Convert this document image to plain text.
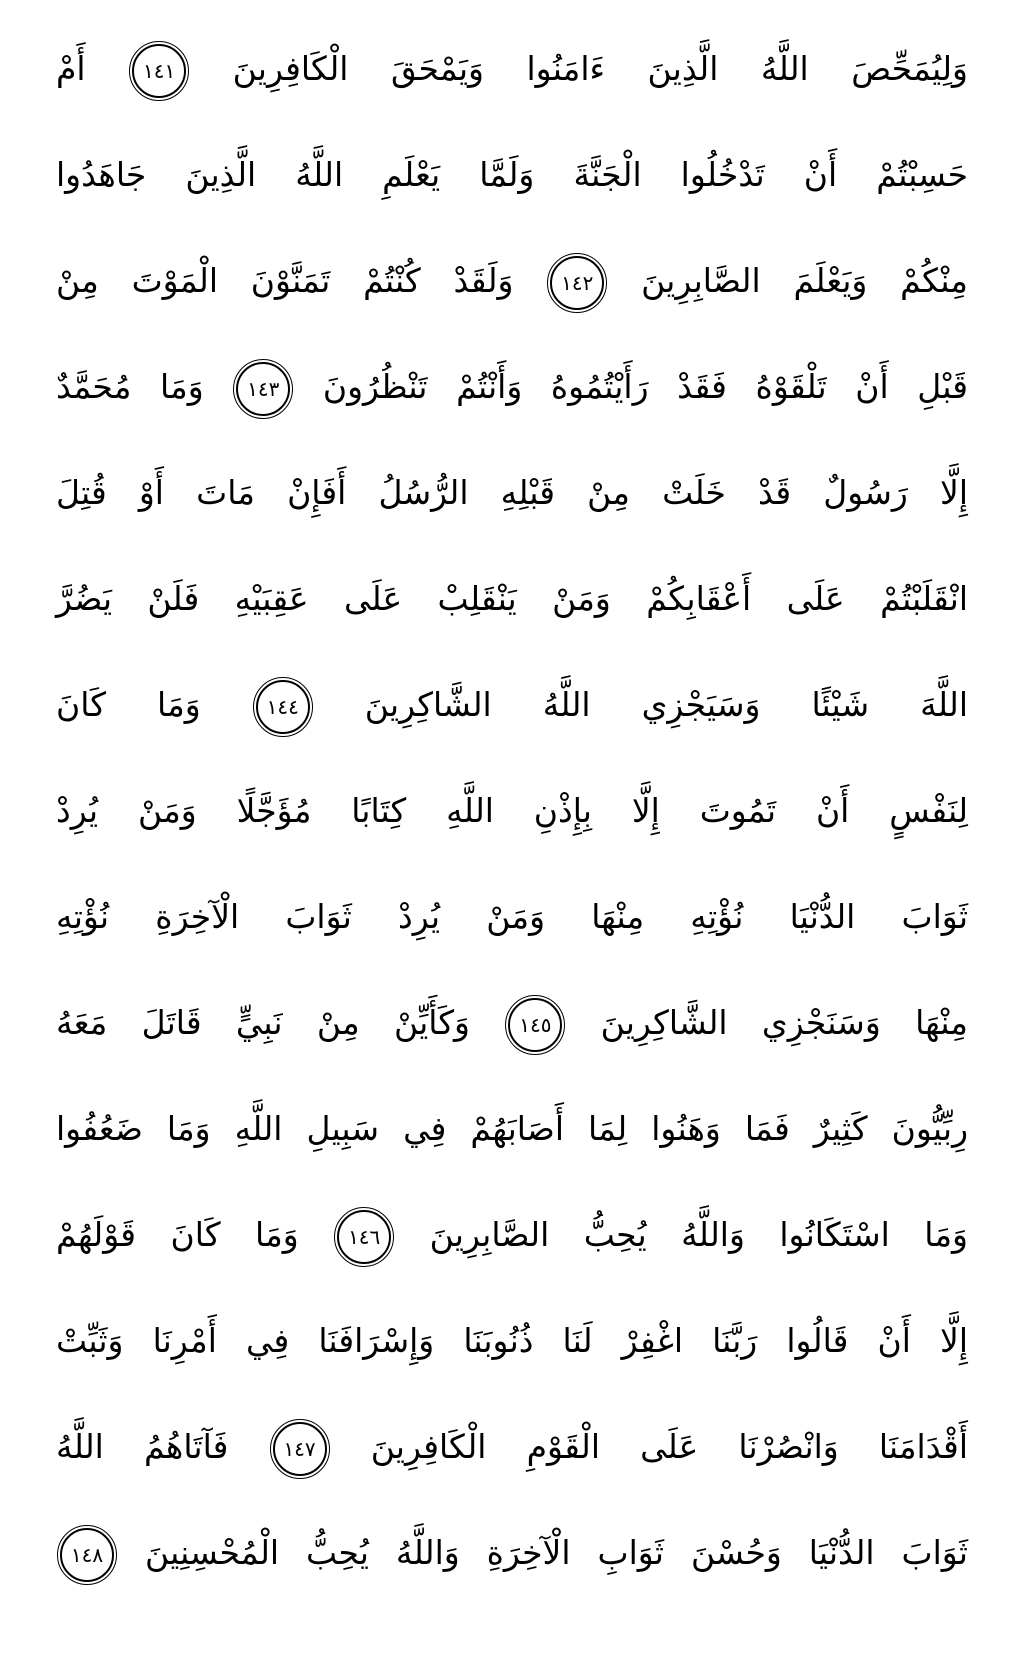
وَلِيُمَحِّصَ اللَّهُ الَّذِينَ ءَامَنُوا وَيَمْحَقَ الْكَافِرِينَ ١٤١ أَمْ
حَسِبْتُمْ أَنْ تَدْخُلُوا الْجَنَّةَ وَلَمَّا يَعْلَمِ اللَّهُ الَّذِينَ جَاهَدُوا
مِنْكُمْ وَيَعْلَمَ الصَّابِرِينَ ١٤٢ وَلَقَدْ كُنْتُمْ تَمَنَّوْنَ الْمَوْتَ مِنْ
قَبْلِ أَنْ تَلْقَوْهُ فَقَدْ رَأَيْتُمُوهُ وَأَنْتُمْ تَنْظُرُونَ ١٤٣ وَمَا مُحَمَّدٌ
إِلَّا رَسُولٌ قَدْ خَلَتْ مِنْ قَبْلِهِ الرُّسُلُ أَفَإِنْ مَاتَ أَوْ قُتِلَ
انْقَلَبْتُمْ عَلَى أَعْقَابِكُمْ وَمَنْ يَنْقَلِبْ عَلَى عَقِبَيْهِ فَلَنْ يَضُرَّ
اللَّهَ شَيْئًا وَسَيَجْزِي اللَّهُ الشَّاكِرِينَ ١٤٤ وَمَا كَانَ
لِنَفْسٍ أَنْ تَمُوتَ إِلَّا بِإِذْنِ اللَّهِ كِتَابًا مُؤَجَّلًا وَمَنْ يُرِدْ
ثَوَابَ الدُّنْيَا نُؤْتِهِ مِنْهَا وَمَنْ يُرِدْ ثَوَابَ الْآخِرَةِ نُؤْتِهِ
مِنْهَا وَسَنَجْزِي الشَّاكِرِينَ ١٤٥ وَكَأَيِّنْ مِنْ نَبِيٍّ قَاتَلَ مَعَهُ
رِبِّيُّونَ كَثِيرٌ فَمَا وَهَنُوا لِمَا أَصَابَهُمْ فِي سَبِيلِ اللَّهِ وَمَا ضَعُفُوا
وَمَا اسْتَكَانُوا وَاللَّهُ يُحِبُّ الصَّابِرِينَ ١٤٦ وَمَا كَانَ قَوْلَهُمْ
إِلَّا أَنْ قَالُوا رَبَّنَا اغْفِرْ لَنَا ذُنُوبَنَا وَإِسْرَافَنَا فِي أَمْرِنَا وَثَبِّتْ
أَقْدَامَنَا وَانْصُرْنَا عَلَى الْقَوْمِ الْكَافِرِينَ ١٤٧ فَآتَاهُمُ اللَّهُ
ثَوَابَ الدُّنْيَا وَحُسْنَ ثَوَابِ الْآخِرَةِ وَاللَّهُ يُحِبُّ الْمُحْسِنِينَ ١٤٨
